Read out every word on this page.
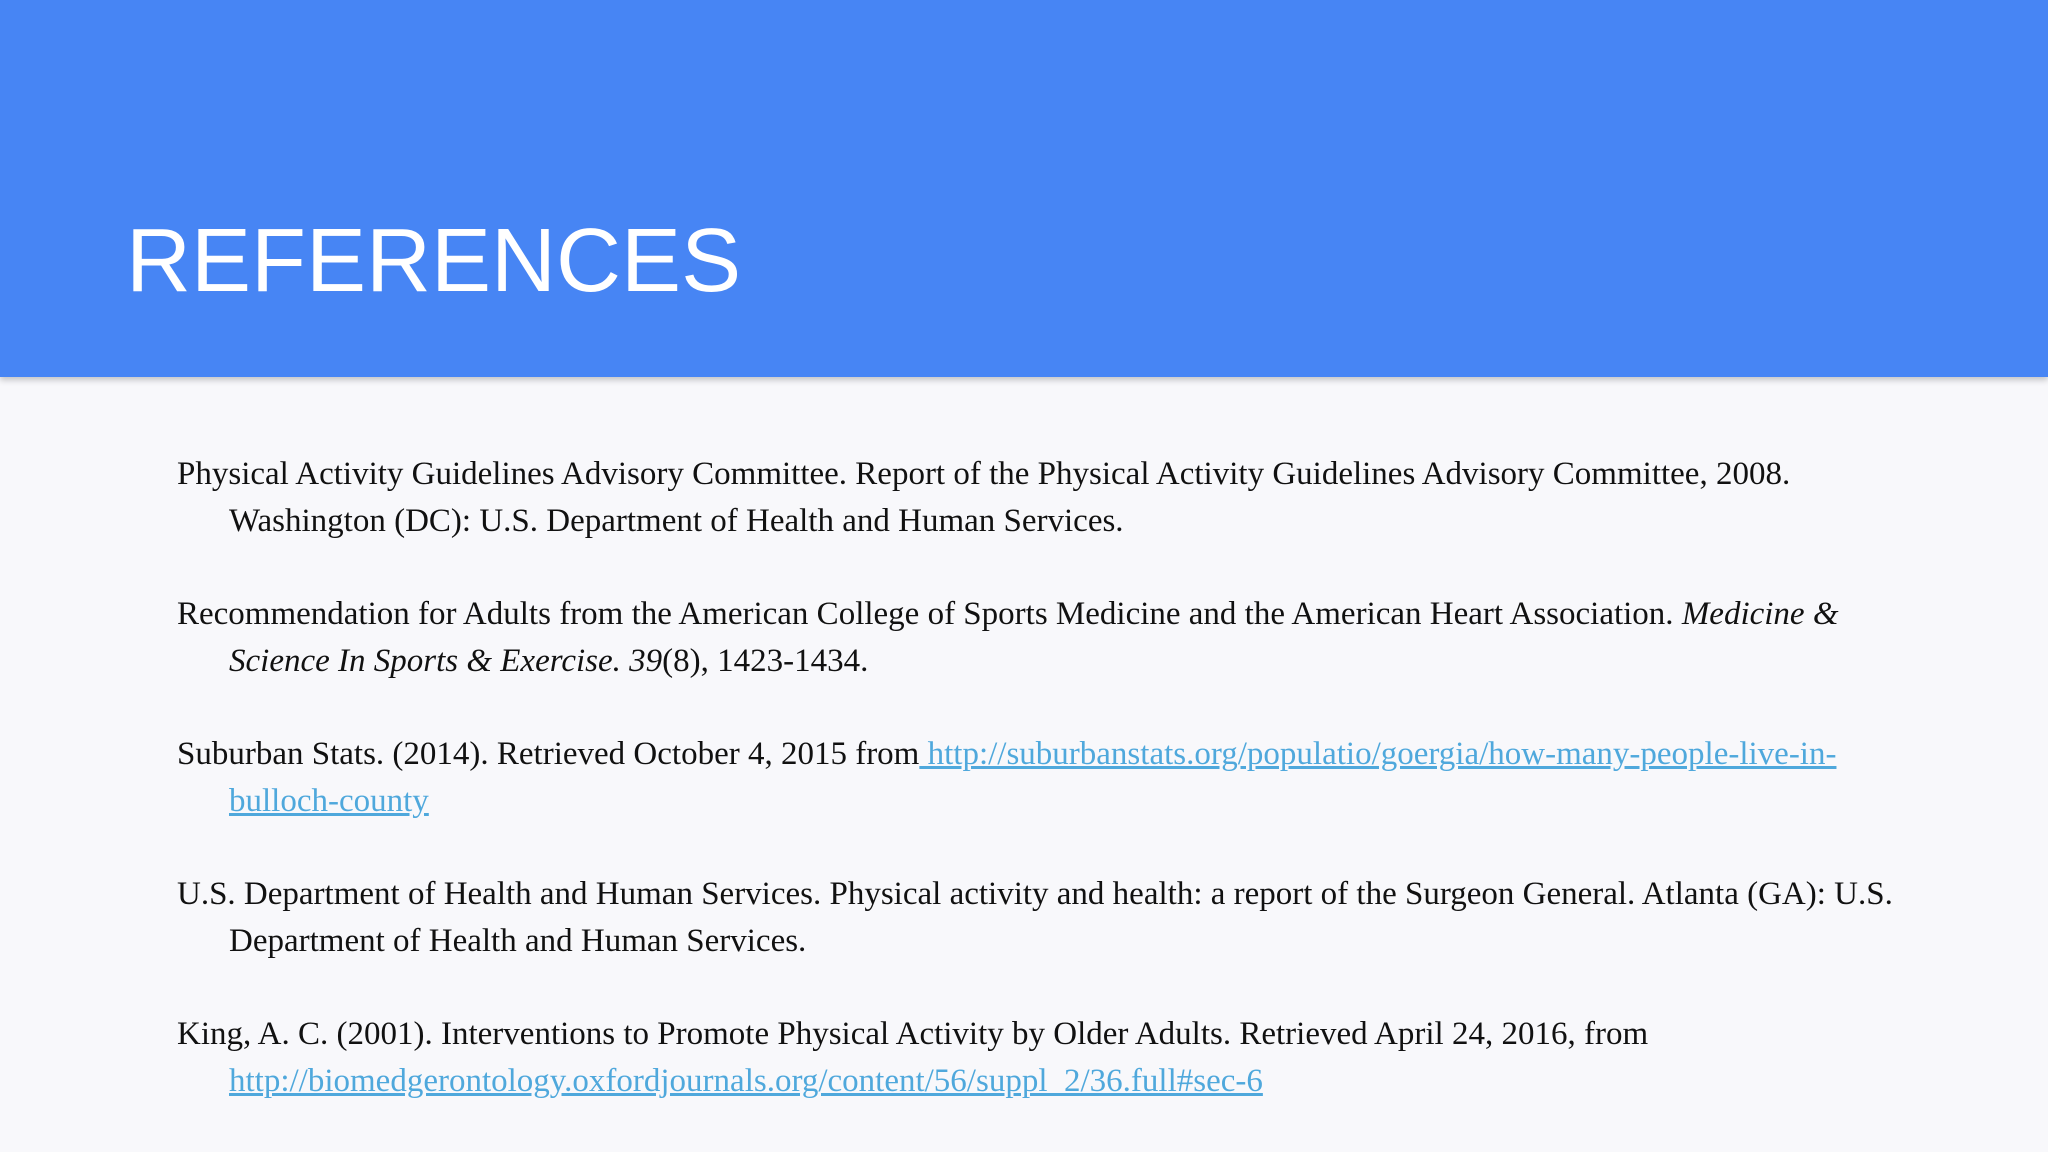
REFERENCES

Physical Activity Guidelines Advisory Committee. Report of the Physical Activity Guidelines Advisory Committee, 2008. Washington (DC): U.S. Department of Health and Human Services.

Recommendation for Adults from the American College of Sports Medicine and the American Heart Association. Medicine & Science In Sports & Exercise. 39(8), 1423-1434.

Suburban Stats. (2014). Retrieved October 4, 2015 from http://suburbanstats.org/populatio/goergia/how-many-people-live-in-bulloch-county

U.S. Department of Health and Human Services. Physical activity and health: a report of the Surgeon General. Atlanta (GA): U.S. Department of Health and Human Services.

King, A. C. (2001). Interventions to Promote Physical Activity by Older Adults. Retrieved April 24, 2016, from http://biomedgerontology.oxfordjournals.org/content/56/suppl_2/36.full#sec-6
